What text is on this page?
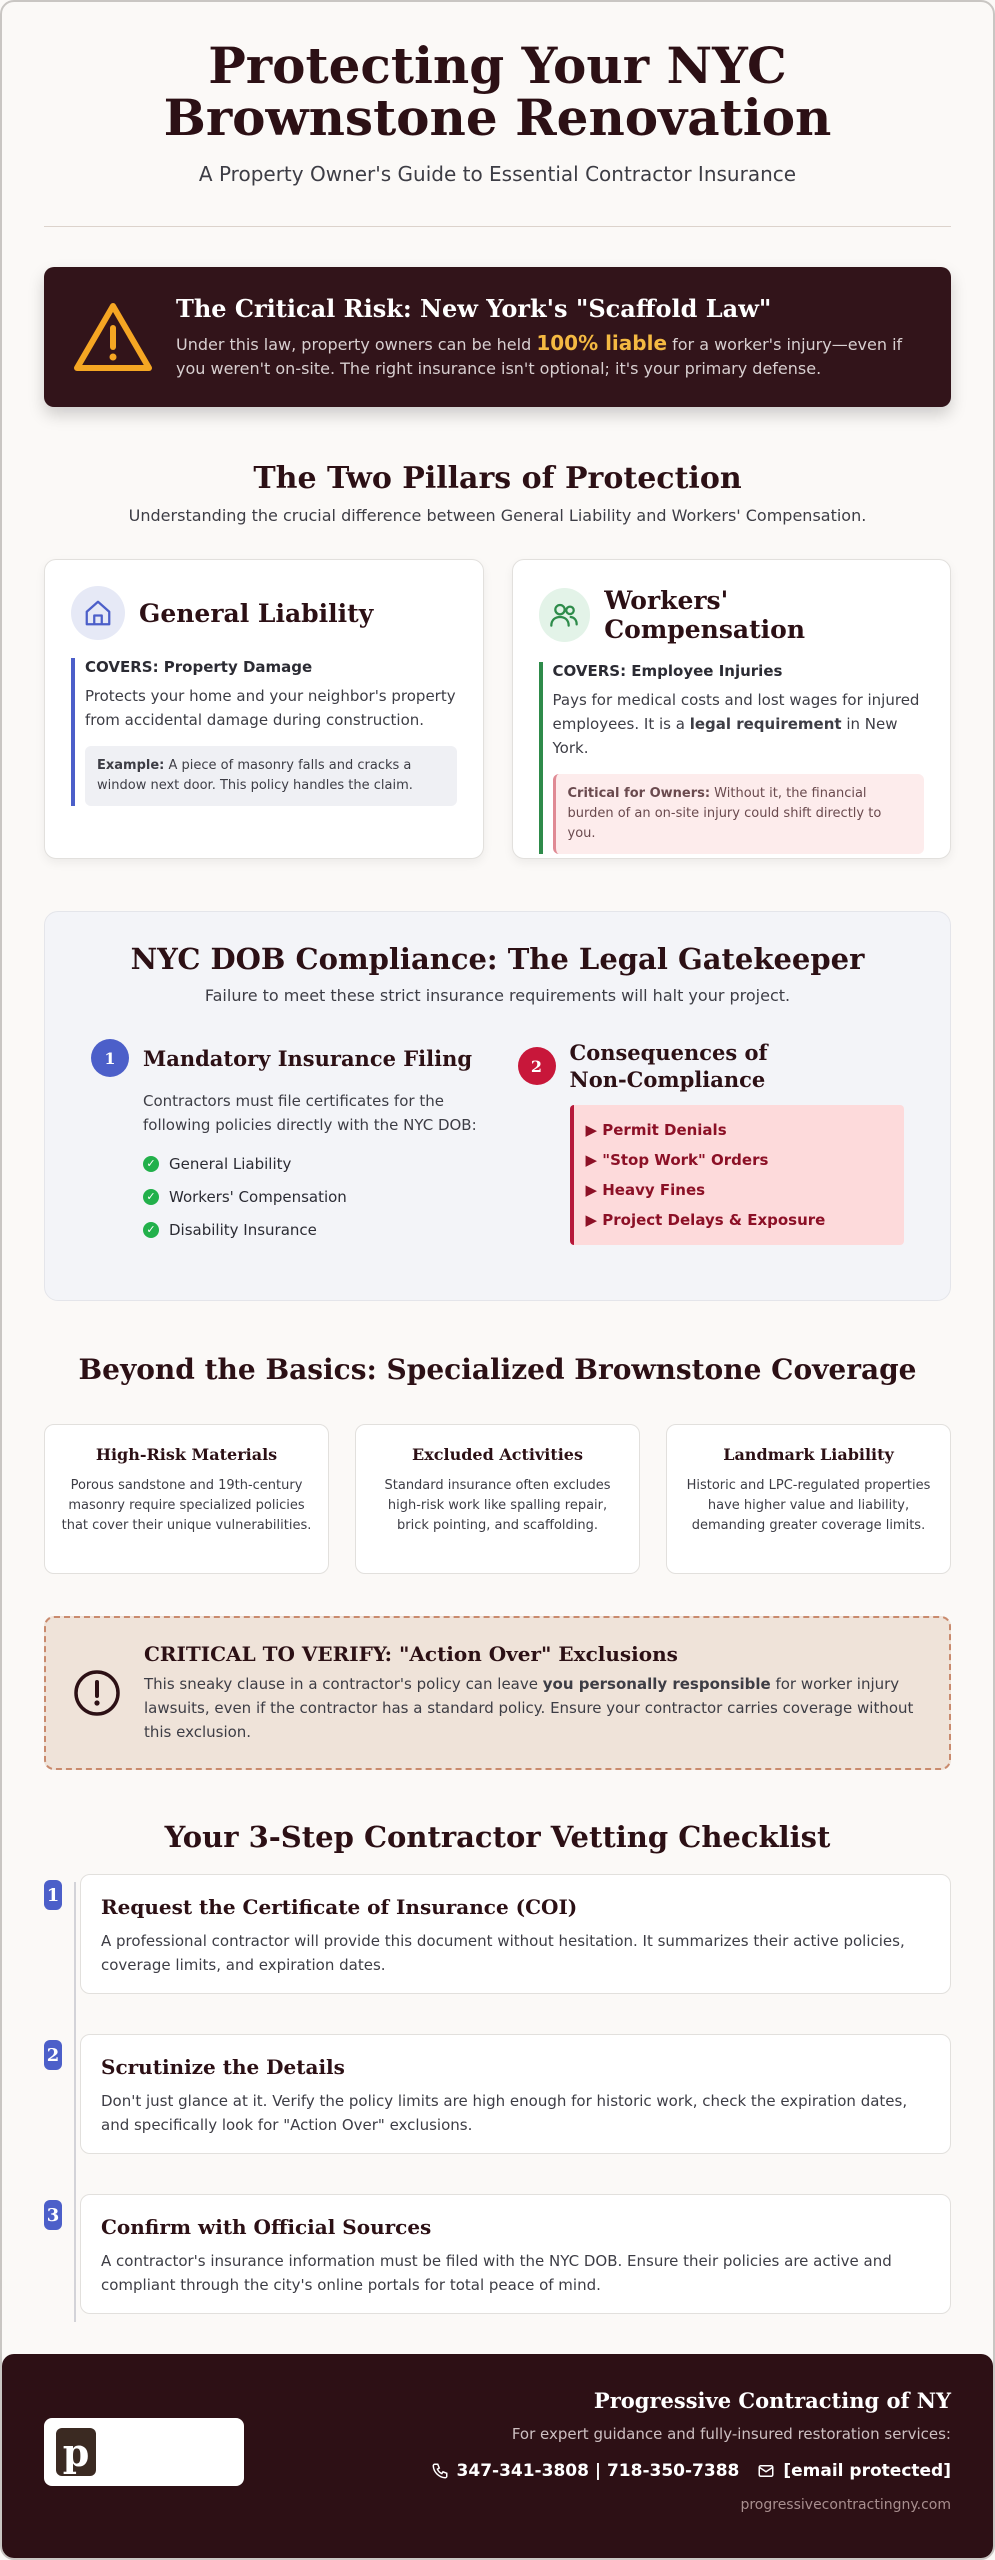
Protecting Your NYC Brownstone Renovation
A Property Owner's Guide to Essential Contractor Insurance
The Critical Risk: New York's "Scaffold Law"

Under this law, property owners can be held 100% liable for a worker's injury—even if you weren't on-site. The right insurance isn't optional; it's your primary defense.

The Two Pillars of Protection
Understanding the crucial difference between General Liability and Workers' Compensation.
General Liability
COVERS: Property Damage
Protects your home and your neighbor's property from accidental damage during construction.
Example: A piece of masonry falls and cracks a window next door. This policy handles the claim.
Workers' Compensation
COVERS: Employee Injuries
Pays for medical costs and lost wages for injured employees. It is a legal requirement in New York.
Critical for Owners: Without it, the financial burden of an on-site injury could shift directly to you.
NYC DOB Compliance: The Legal Gatekeeper
Failure to meet these strict insurance requirements will halt your project.
1	Mandatory Insurance Filing
Contractors must file certificates for the following policies directly with the NYC DOB:
✓ General Liability
✓ Workers' Compensation
✓ Disability Insurance
2
Consequences of Non-Compliance
▶ Permit Denials
▶ "Stop Work" Orders
▶ Heavy Fines
▶ Project Delays & Exposure
Beyond the Basics: Specialized Brownstone Coverage
High-Risk Materials
Porous sandstone and 19th-century masonry require specialized policies that cover their unique vulnerabilities.
Excluded Activities
Standard insurance often excludes high-risk work like spalling repair, brick pointing, and scaffolding.
Landmark Liability
Historic and LPC-regulated properties have higher value and liability, demanding greater coverage limits.
CRITICAL TO VERIFY: "Action Over" Exclusions

This sneaky clause in a contractor's policy can leave you personally responsible for worker injury lawsuits, even if the contractor has a standard policy. Ensure your contractor carries coverage without this exclusion.

Your 3-Step Contractor Vetting Checklist
1 Request the Certificate of Insurance (COI)
A professional contractor will provide this document without hesitation. It summarizes their active policies, coverage limits, and expiration dates.
2 Scrutinize the Details
Don't just glance at it. Verify the policy limits are high enough for historic work, check the expiration dates, and specifically look for "Action Over" exclusions.
3 Confirm with Official Sources
A contractor's insurance information must be filed with the NYC DOB. Ensure their policies are active and compliant through the city's online portals for total peace of mind.
p
Progressive Contracting of NY
For expert guidance and fully-insured restoration services:
347-341-3808 | 718-350-7388	[email protected]
progressivecontractingny.com
